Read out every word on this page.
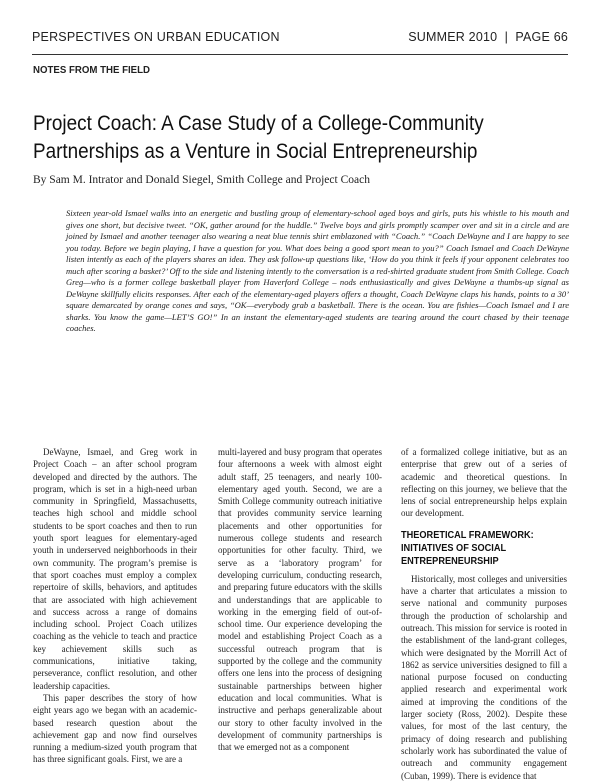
PERSPECTIVES ON URBAN EDUCATION	SUMMER 2010  |  PAGE 66
NOTES FROM THE FIELD
Project Coach: A Case Study of a College-Community Partnerships as a Venture in Social Entrepreneurship
By Sam M. Intrator and Donald Siegel, Smith College and Project Coach

Sixteen year-old Ismael walks into an energetic and bustling group of elementary-school aged boys and girls, puts his whistle to his mouth and gives one short, but decisive tweet. “OK, gather around for the huddle.” Twelve boys and girls promptly scamper over and sit in a circle and are joined by Ismael and another teenager also wearing a neat blue tennis shirt emblazoned with “Coach.” “Coach DeWayne and I are happy to see you today. Before we begin playing, I have a question for you. What does being a good sport mean to you?” Coach Ismael and Coach DeWayne listen intently as each of the players shares an idea. They ask follow-up questions like, ‘How do you think it feels if your opponent celebrates too much after scoring a basket?’ Off to the side and listening intently to the conversation is a red-shirted graduate student from Smith College. Coach Greg—who is a former college basketball player from Haverford College – nods enthusiastically and gives DeWayne a thumbs-up signal as DeWayne skillfully elicits responses. After each of the elementary-aged players offers a thought, Coach DeWayne claps his hands, points to a 30’ square demarcated by orange cones and says, “OK—everybody grab a basketball. There is the ocean. You are fishies—Coach Ismael and I are sharks. You know the game—LET’S GO!” In an instant the elementary-aged students are tearing around the court chased by their teenage coaches.

DeWayne, Ismael, and Greg work in Project Coach – an after school program developed and directed by the authors. The program, which is set in a high-need urban community in Springfield, Massachusetts, teaches high school and middle school students to be sport coaches and then to run youth sport leagues for elementary-aged youth in underserved neighborhoods in their own community. The program’s premise is that sport coaches must employ a complex repertoire of skills, behaviors, and aptitudes that are associated with high achievement and success across a range of domains including school. Project Coach utilizes coaching as the vehicle to teach and practice key achievement skills such as communications, initiative taking, perseverance, conflict resolution, and other leadership capacities.

This paper describes the story of how eight years ago we began with an academic-based research question about the achievement gap and now find ourselves running a medium-sized youth program that has three significant goals. First, we are a

multi-layered and busy program that operates four afternoons a week with almost eight adult staff, 25 teenagers, and nearly 100-elementary aged youth. Second, we are a Smith College community outreach initiative that provides community service learning placements and other opportunities for numerous college students and research opportunities for other faculty. Third, we serve as a ‘laboratory program’ for developing curriculum, conducting research, and preparing future educators with the skills and understandings that are applicable to working in the emerging field of out-of-school time. Our experience developing the model and establishing Project Coach as a successful outreach program that is supported by the college and the community offers one lens into the process of designing sustainable partnerships between higher education and local communities. What is instructive and perhaps generalizable about our story to other faculty involved in the development of community partnerships is that we emerged not as a component

of a formalized college initiative, but as an enterprise that grew out of a series of academic and theoretical questions. In reflecting on this journey, we believe that the lens of social entrepreneurship helps explain our development.

THEORETICAL FRAMEWORK: INITIATIVES OF SOCIAL ENTREPRENEURSHIP

Historically, most colleges and universities have a charter that articulates a mission to serve national and community purposes through the production of scholarship and outreach. This mission for service is rooted in the establishment of the land-grant colleges, which were designated by the Morrill Act of 1862 as service universities designed to fill a national purpose focused on conducting applied research and experimental work aimed at improving the conditions of the larger society (Ross, 2002). Despite these values, for most of the last century, the primacy of doing research and publishing scholarly work has subordinated the value of outreach and community engagement (Cuban, 1999). There is evidence that
